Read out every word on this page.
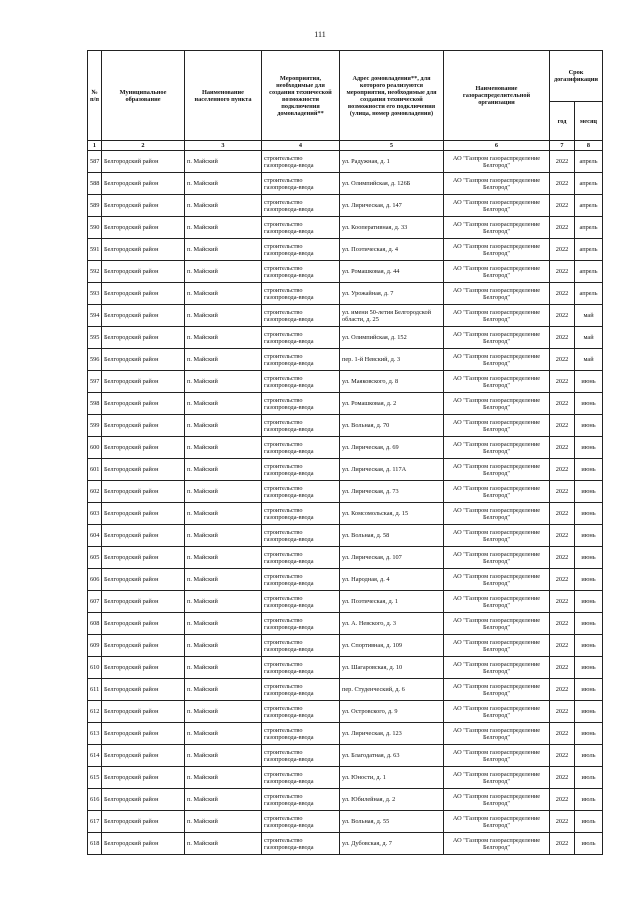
111
№ п/п	Муниципальное образование	Наименование населенного пункта	Мероприятия, необходимые для создания технической возможности подключения домовладений**	Адрес домовладения**, для которого реализуются мероприятия, необходимые для создания технической возможности его подключения (улица, номер домовладения)	Наименование газораспределительной организации	Срок догазификации	
						год	месяц
1	2	3	4	5	6	7	8
587	Белгородский район	п. Майский	строительство газопровода-ввода	ул. Радужная, д. 1	АО "Газпром газораспределение Белгород"	2022	апрель
588	Белгородский район	п. Майский	строительство газопровода-ввода	ул. Олимпийская, д. 126Б	АО "Газпром газораспределение Белгород"	2022	апрель
589	Белгородский район	п. Майский	строительство газопровода-ввода	ул. Лирическая, д. 147	АО "Газпром газораспределение Белгород"	2022	апрель
590	Белгородский район	п. Майский	строительство газопровода-ввода	ул. Кооперативная, д. 33	АО "Газпром газораспределение Белгород"	2022	апрель
591	Белгородский район	п. Майский	строительство газопровода-ввода	ул. Поэтическая, д. 4	АО "Газпром газораспределение Белгород"	2022	апрель
592	Белгородский район	п. Майский	строительство газопровода-ввода	ул. Ромашковая, д. 44	АО "Газпром газораспределение Белгород"	2022	апрель
593	Белгородский район	п. Майский	строительство газопровода-ввода	ул. Урожайная, д. 7	АО "Газпром газораспределение Белгород"	2022	апрель
594	Белгородский район	п. Майский	строительство газопровода-ввода	ул. имени 50-летия Белгородской области, д. 25	АО "Газпром газораспределение Белгород"	2022	май
595	Белгородский район	п. Майский	строительство газопровода-ввода	ул. Олимпийская, д. 152	АО "Газпром газораспределение Белгород"	2022	май
596	Белгородский район	п. Майский	строительство газопровода-ввода	пер. 1-й Невский, д. 3	АО "Газпром газораспределение Белгород"	2022	май
597	Белгородский район	п. Майский	строительство газопровода-ввода	ул. Маяковского, д. 8	АО "Газпром газораспределение Белгород"	2022	июнь
598	Белгородский район	п. Майский	строительство газопровода-ввода	ул. Ромашковая, д. 2	АО "Газпром газораспределение Белгород"	2022	июнь
599	Белгородский район	п. Майский	строительство газопровода-ввода	ул. Вольная, д. 70	АО "Газпром газораспределение Белгород"	2022	июнь
600	Белгородский район	п. Майский	строительство газопровода-ввода	ул. Лирическая, д. 69	АО "Газпром газораспределение Белгород"	2022	июнь
601	Белгородский район	п. Майский	строительство газопровода-ввода	ул. Лирическая, д. 117А	АО "Газпром газораспределение Белгород"	2022	июнь
602	Белгородский район	п. Майский	строительство газопровода-ввода	ул. Лирическая, д. 73	АО "Газпром газораспределение Белгород"	2022	июнь
603	Белгородский район	п. Майский	строительство газопровода-ввода	ул. Комсомольская, д. 15	АО "Газпром газораспределение Белгород"	2022	июнь
604	Белгородский район	п. Майский	строительство газопровода-ввода	ул. Вольная, д. 58	АО "Газпром газораспределение Белгород"	2022	июнь
605	Белгородский район	п. Майский	строительство газопровода-ввода	ул. Лирическая, д. 107	АО "Газпром газораспределение Белгород"	2022	июнь
606	Белгородский район	п. Майский	строительство газопровода-ввода	ул. Народная, д. 4	АО "Газпром газораспределение Белгород"	2022	июнь
607	Белгородский район	п. Майский	строительство газопровода-ввода	ул. Поэтическая, д. 1	АО "Газпром газораспределение Белгород"	2022	июнь
608	Белгородский район	п. Майский	строительство газопровода-ввода	ул. А. Невского, д. 3	АО "Газпром газораспределение Белгород"	2022	июнь
609	Белгородский район	п. Майский	строительство газопровода-ввода	ул. Спортивная, д. 109	АО "Газпром газораспределение Белгород"	2022	июнь
610	Белгородский район	п. Майский	строительство газопровода-ввода	ул. Шагаровская, д. 10	АО "Газпром газораспределение Белгород"	2022	июнь
611	Белгородский район	п. Майский	строительство газопровода-ввода	пер. Студенческий, д. 6	АО "Газпром газораспределение Белгород"	2022	июнь
612	Белгородский район	п. Майский	строительство газопровода-ввода	ул. Островского, д. 9	АО "Газпром газораспределение Белгород"	2022	июнь
613	Белгородский район	п. Майский	строительство газопровода-ввода	ул. Лирическая, д. 123	АО "Газпром газораспределение Белгород"	2022	июнь
614	Белгородский район	п. Майский	строительство газопровода-ввода	ул. Благодатная, д. 63	АО "Газпром газораспределение Белгород"	2022	июль
615	Белгородский район	п. Майский	строительство газопровода-ввода	ул. Юности, д. 1	АО "Газпром газораспределение Белгород"	2022	июль
616	Белгородский район	п. Майский	строительство газопровода-ввода	ул. Юбилейная, д. 2	АО "Газпром газораспределение Белгород"	2022	июль
617	Белгородский район	п. Майский	строительство газопровода-ввода	ул. Вольная, д. 55	АО "Газпром газораспределение Белгород"	2022	июль
618	Белгородский район	п. Майский	строительство газопровода-ввода	ул. Дубовская, д. 7	АО "Газпром газораспределение Белгород"	2022	июль
